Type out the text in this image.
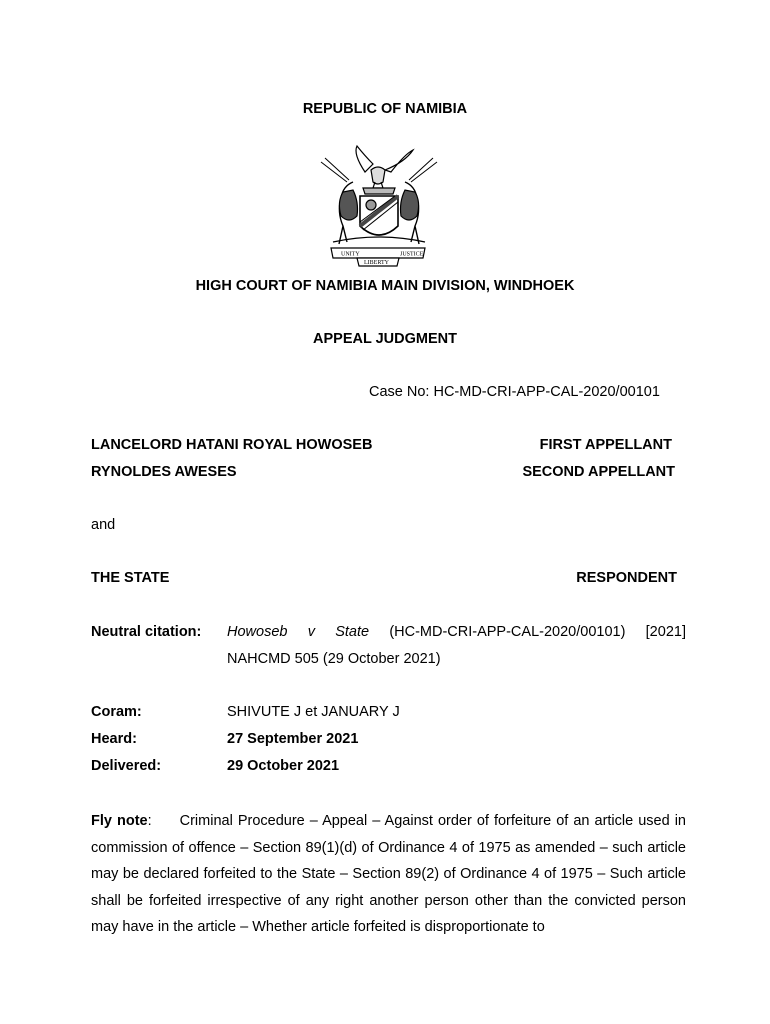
REPUBLIC OF NAMIBIA
UNITY	JUSTICE
LIBERTY
HIGH COURT OF NAMIBIA MAIN DIVISION, WINDHOEK
APPEAL JUDGMENT
Case No: HC-MD-CRI-APP-CAL-2020/00101
LANCELORD HATANI ROYAL HOWOSEB	FIRST APPELLANT
RYNOLDES AWESES	SECOND APPELLANT
and
THE STATE	RESPONDENT
Neutral citation: Howoseb v State (HC-MD-CRI-APP-CAL-2020/00101) [2021]
NAHCMD 505 (29 October 2021)
Coram:	SHIVUTE J et JANUARY J
Heard:	27 September 2021
Delivered:	29 October 2021
Fly note: Criminal Procedure – Appeal – Against order of forfeiture of an article used in commission of offence – Section 89(1)(d) of Ordinance 4 of 1975 as amended – such article may be declared forfeited to the State – Section 89(2) of Ordinance 4 of 1975 – Such article shall be forfeited irrespective of any right another person other than the convicted person may have in the article – Whether article forfeited is disproportionate to
